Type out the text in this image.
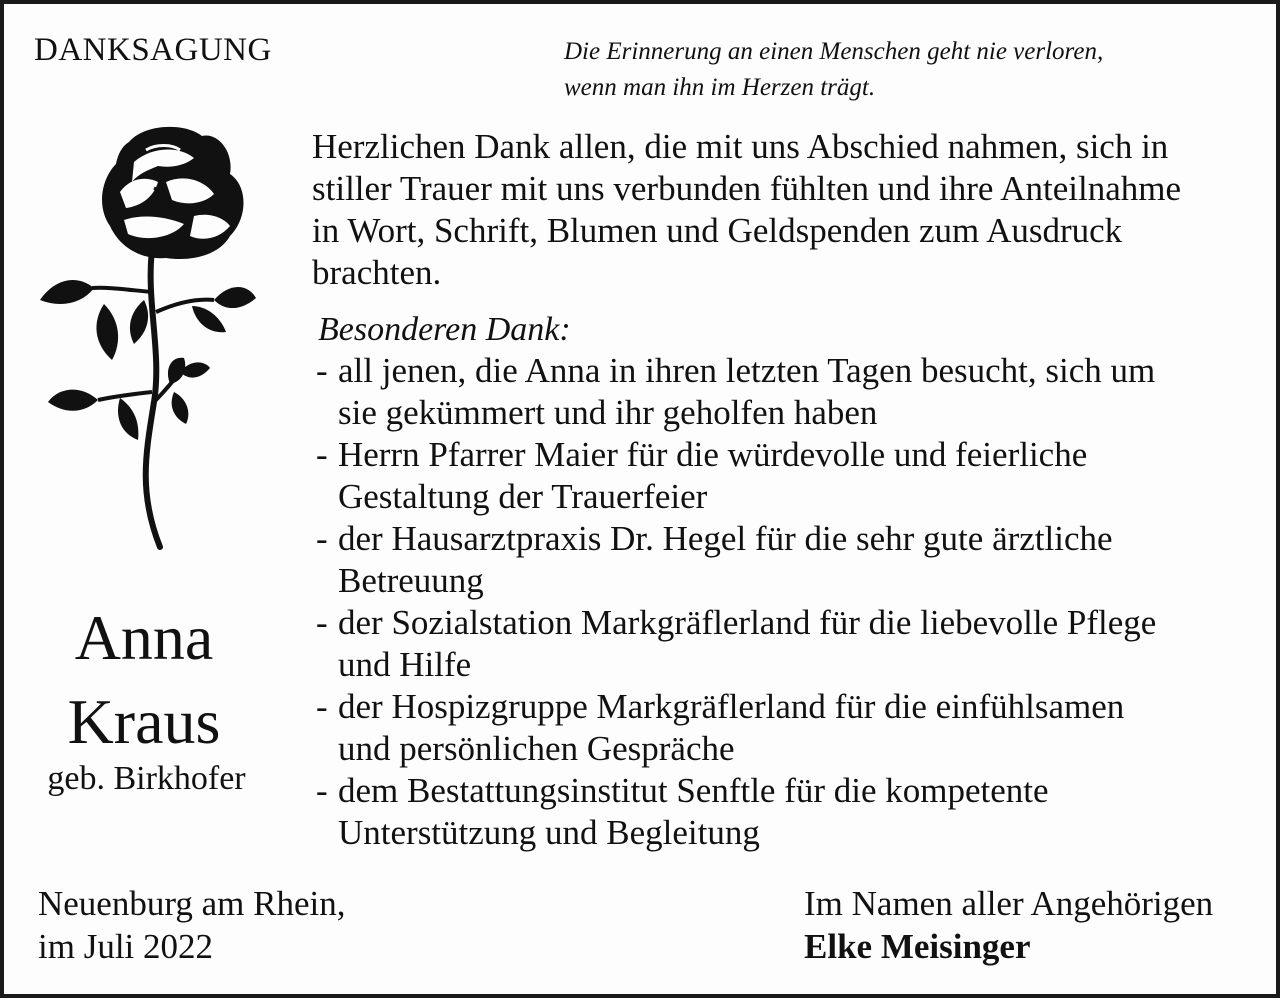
DANKSAGUNG	Die Erinnerung an einen Menschen geht nie verloren,
wenn man ihn im Herzen trägt.
Anna
Kraus
geb. Birkhofer
Herzlichen Dank allen, die mit uns Abschied nahmen, sich in
stiller Trauer mit uns verbunden fühlten und ihre Anteilnahme
in Wort, Schrift, Blumen und Geldspenden zum Ausdruck
brachten.
Besonderen Dank:
- all jenen, die Anna in ihren letzten Tagen besucht, sich um
sie gekümmert und ihr geholfen haben
- Herrn Pfarrer Maier für die würdevolle und feierliche
Gestaltung der Trauerfeier
- der Hausarztpraxis Dr. Hegel für die sehr gute ärztliche
Betreuung
- der Sozialstation Markgräflerland für die liebevolle Pflege
und Hilfe
- der Hospizgruppe Markgräflerland für die einfühlsamen
und persönlichen Gespräche
- dem Bestattungsinstitut Senftle für die kompetente
Unterstützung und Begleitung
Neuenburg am Rhein,
im Juli 2022
Im Namen aller Angehörigen
Elke Meisinger
